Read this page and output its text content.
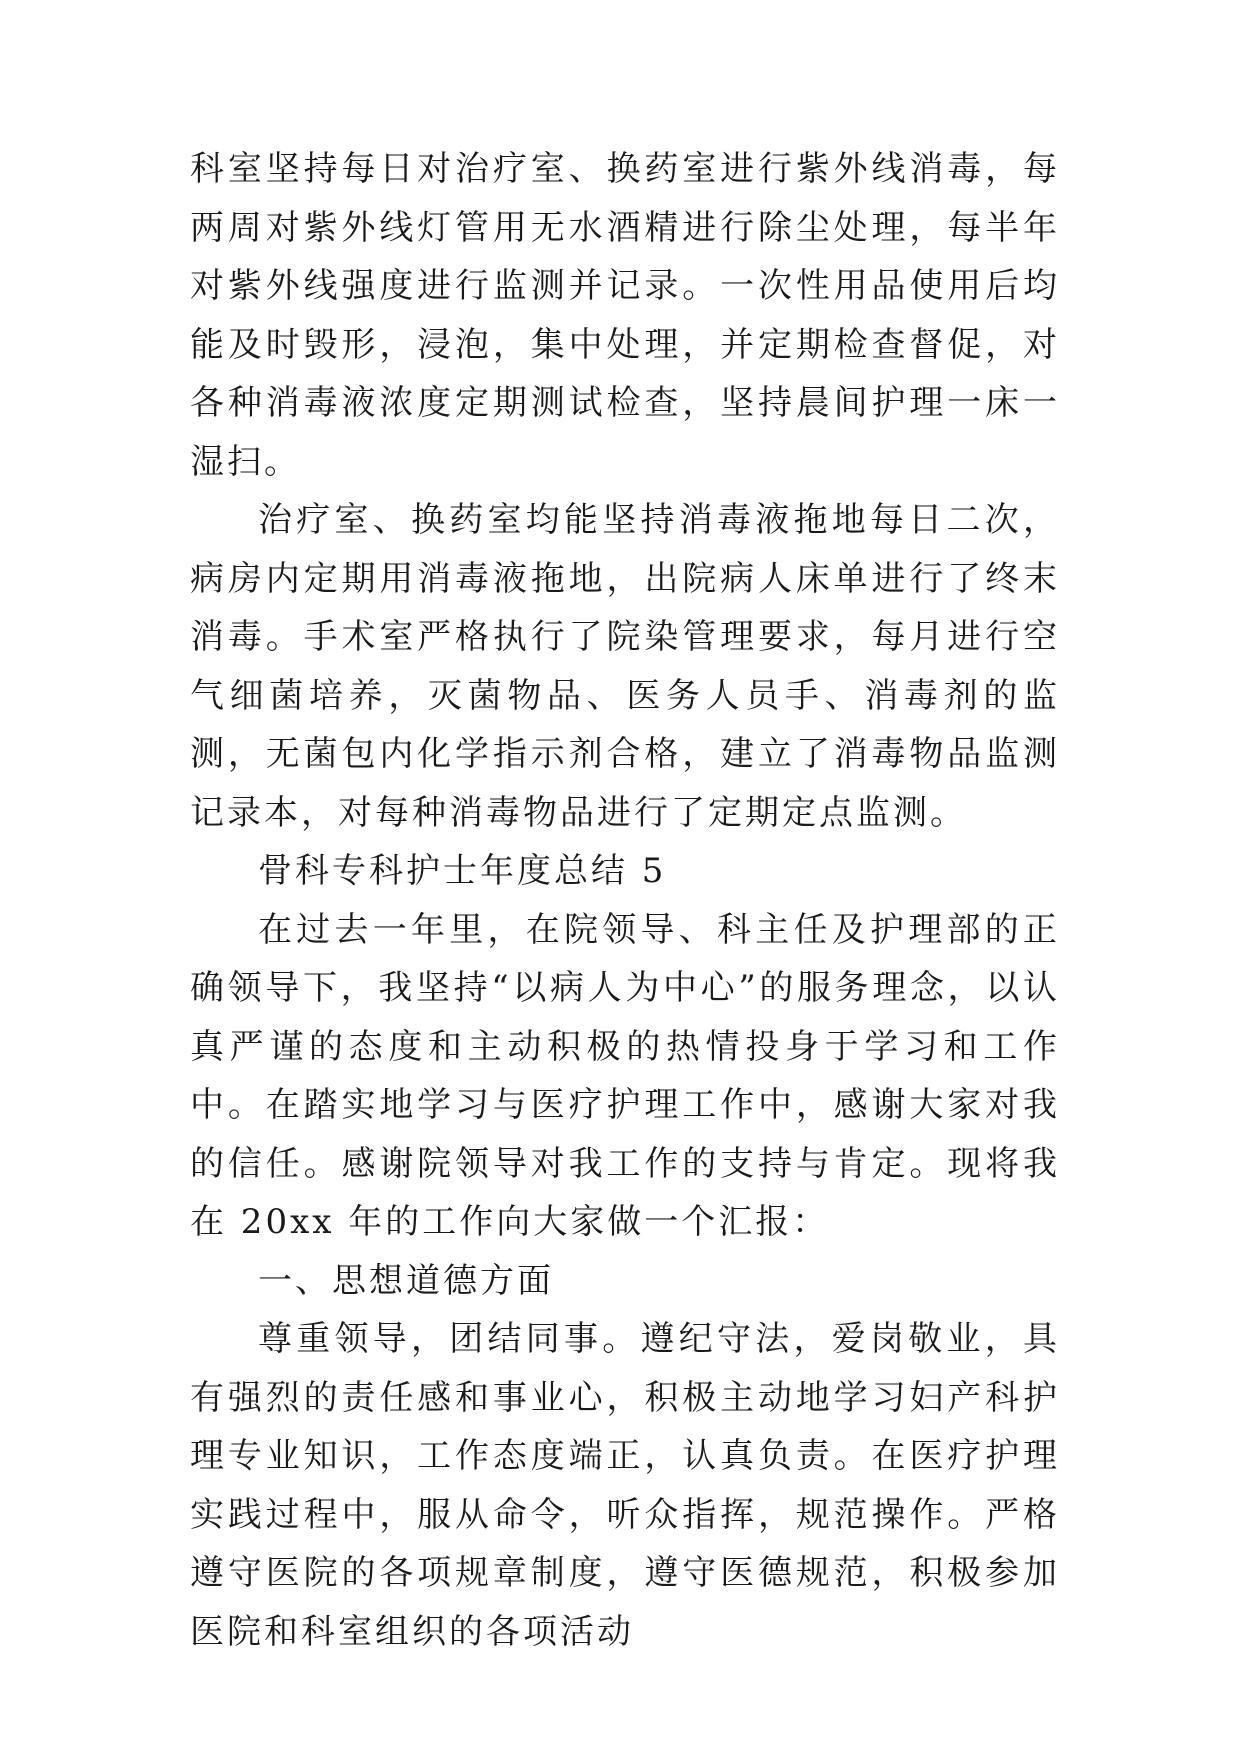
科室坚持每日对治疗室、换药室进行紫外线消毒，每两周对紫外线灯管用无水酒精进行除尘处理，每半年对紫外线强度进行监测并记录。一次性用品使用后均能及时毁形，浸泡，集中处理，并定期检查督促，对各种消毒液浓度定期测试检查，坚持晨间护理一床一湿扫。

治疗室、换药室均能坚持消毒液拖地每日二次，病房内定期用消毒液拖地，出院病人床单进行了终末消毒。手术室严格执行了院染管理要求，每月进行空气细菌培养，灭菌物品、医务人员手、消毒剂的监测，无菌包内化学指示剂合格，建立了消毒物品监测记录本，对每种消毒物品进行了定期定点监测。

骨科专科护士年度总结 5

在过去一年里，在院领导、科主任及护理部的正确领导下，我坚持“以病人为中心”的服务理念，以认真严谨的态度和主动积极的热情投身于学习和工作中。在踏实地学习与医疗护理工作中，感谢大家对我的信任。感谢院领导对我工作的支持与肯定。现将我在 20xx 年的工作向大家做一个汇报：

一、思想道德方面

尊重领导，团结同事。遵纪守法，爱岗敬业，具有强烈的责任感和事业心，积极主动地学习妇产科护理专业知识，工作态度端正，认真负责。在医疗护理实践过程中，服从命令，听众指挥，规范操作。严格遵守医院的各项规章制度，遵守医德规范，积极参加医院和科室组织的各项活动
